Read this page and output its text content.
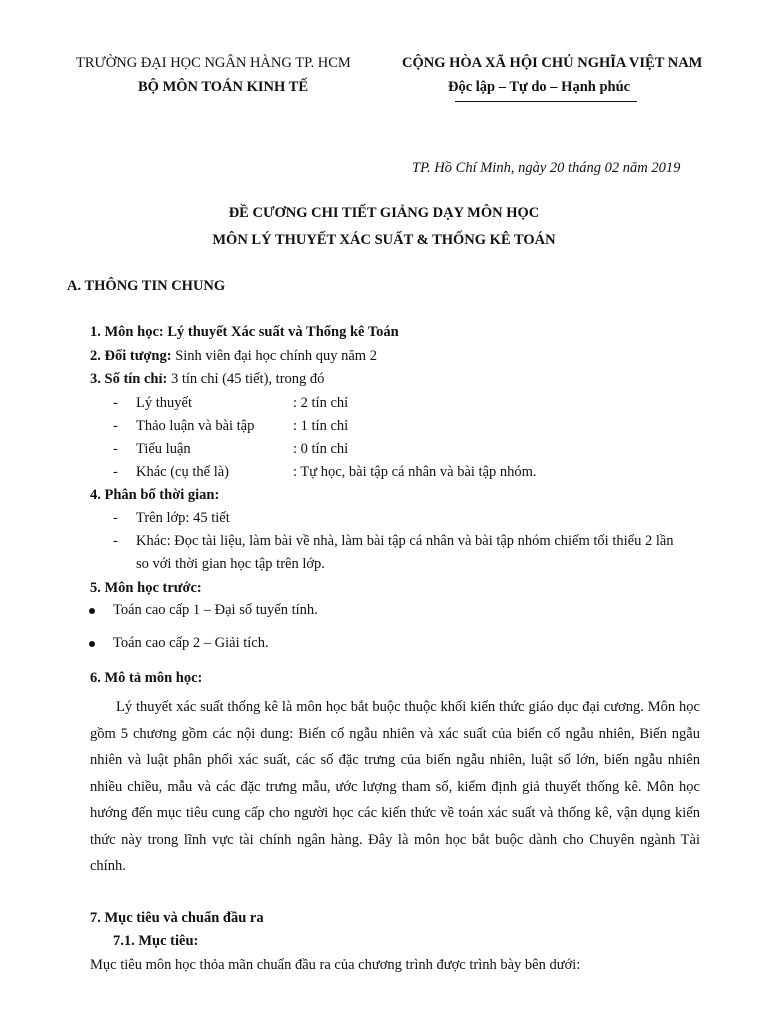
TRƯỜNG ĐẠI HỌC NGÂN HÀNG TP. HCM
BỘ MÔN TOÁN KINH TẾ
CỘNG HÒA XÃ HỘI CHỦ NGHĨA VIỆT NAM
Độc lập – Tự do – Hạnh phúc
TP. Hồ Chí Minh, ngày 20 tháng 02 năm 2019
ĐỀ CƯƠNG CHI TIẾT GIẢNG DẠY MÔN HỌC
MÔN LÝ THUYẾT XÁC SUẤT & THỐNG KÊ TOÁN
A. THÔNG TIN CHUNG
1. Môn học: Lý thuyết Xác suất và Thống kê Toán
2. Đối tượng: Sinh viên đại học chính quy năm 2
3. Số tín chỉ: 3 tín chỉ (45 tiết), trong đó
- Lý thuyết	: 2 tín chỉ
- Thảo luận và bài tập	: 1 tín chỉ
- Tiểu luận	: 0 tín chỉ
- Khác (cụ thể là)	: Tự học, bài tập cá nhân và bài tập nhóm.
4. Phân bố thời gian:
- Trên lớp: 45 tiết
- Khác: Đọc tài liệu, làm bài về nhà, làm bài tập cá nhân và bài tập nhóm chiếm tối thiểu 2 lần
so với thời gian học tập trên lớp.
5. Môn học trước:
Toán cao cấp 1 – Đại số tuyến tính.
Toán cao cấp 2 – Giải tích.
6. Mô tả môn học:
Lý thuyết xác suất thống kê là môn học bắt buộc thuộc khối kiến thức giáo dục đại cương. Môn học gồm 5 chương gồm các nội dung: Biến cố ngẫu nhiên và xác suất của biến cố ngẫu nhiên, Biến ngẫu nhiên và luật phân phối xác suất, các số đặc trưng của biến ngẫu nhiên, luật số lớn, biến ngẫu nhiên nhiều chiều, mẫu và các đặc trưng mẫu, ước lượng tham số, kiểm định giả thuyết thống kê. Môn học hướng đến mục tiêu cung cấp cho người học các kiến thức về toán xác suất và thống kê, vận dụng kiến thức này trong lĩnh vực tài chính ngân hàng. Đây là môn học bắt buộc dành cho Chuyên ngành Tài chính.
7. Mục tiêu và chuẩn đầu ra
7.1. Mục tiêu:
Mục tiêu môn học thỏa mãn chuẩn đầu ra của chương trình được trình bày bên dưới:
